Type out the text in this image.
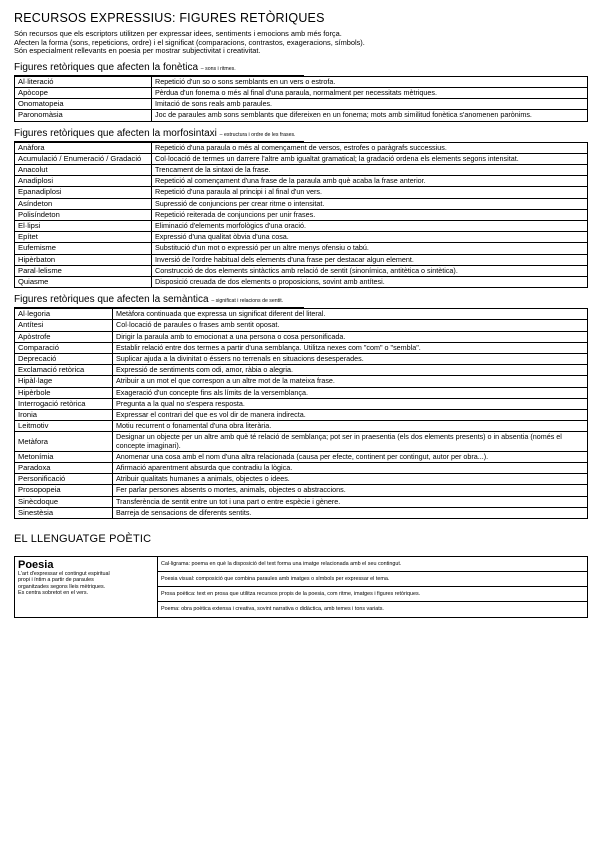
RECURSOS EXPRESSIUS: FIGURES RETÒRIQUES
Són recursos que els escriptors utilitzen per expressar idees, sentiments i emocions amb més força.
Afecten la forma (sons, repeticions, ordre) i el significat (comparacions, contrastos, exageracions, símbols).
Són especialment rellevants en poesia per mostrar subjectivitat i creativitat.
Figures retòriques que afecten la fonètica – sons i ritmes.
Al·literació	Repetició d'un so o sons semblants en un vers o estrofa.
Apòcope	Pèrdua d'un fonema o més al final d'una paraula, normalment per necessitats mètriques.
Onomatopeia	Imitació de sons reals amb paraules.
Paronomàsia	Joc de paraules amb sons semblants que difereixen en un fonema; mots amb similitud fonètica s'anomenen parònims.
Figures retòriques que afecten la morfosintaxi – estructura i ordre de les frases.
Anàfora	Repetició d'una paraula o més al començament de versos, estrofes o paràgrafs successius.
Acumulació / Enumeració / Gradació	Col·locació de termes un darrere l'altre amb igualtat gramatical; la gradació ordena els elements segons intensitat.
Anacolut	Trencament de la sintaxi de la frase.
Anadiplosi	Repetició al començament d'una frase de la paraula amb què acaba la frase anterior.
Epanadiplosi	Repetició d'una paraula al principi i al final d'un vers.
Asíndeton	Supressió de conjuncions per crear ritme o intensitat.
Polisíndeton	Repetició reiterada de conjuncions per unir frases.
El·lipsi	Eliminació d'elements morfològics d'una oració.
Epítet	Expressió d'una qualitat òbvia d'una cosa.
Eufemisme	Substitució d'un mot o expressió per un altre menys ofensiu o tabú.
Hipèrbaton	Inversió de l'ordre habitual dels elements d'una frase per destacar algun element.
Paral·lelisme	Construcció de dos elements sintàctics amb relació de sentit (sinonímica, antitètica o sintètica).
Quiasme	Disposició creuada de dos elements o proposicions, sovint amb antítesi.
Figures retòriques que afecten la semàntica – significat i relacions de sentit.
Al·legoria	Metàfora continuada que expressa un significat diferent del literal.
Antítesi	Col·locació de paraules o frases amb sentit oposat.
Apòstrofe	Dirigir la paraula amb to emocionat a una persona o cosa personificada.
Comparació	Establir relació entre dos termes a partir d'una semblança. Utilitza nexes com "com" o "sembla".
Deprecació	Suplicar ajuda a la divinitat o éssers no terrenals en situacions desesperades.
Exclamació retòrica	Expressió de sentiments com odi, amor, ràbia o alegria.
Hipàl·lage	Atribuir a un mot el que correspon a un altre mot de la mateixa frase.
Hipèrbole	Exageració d'un concepte fins als límits de la versemblança.
Interrogació retòrica	Pregunta a la qual no s'espera resposta.
Ironia	Expressar el contrari del que es vol dir de manera indirecta.
Leitmotiv	Motiu recurrent o fonamental d'una obra literària.
Metàfora	Designar un objecte per un altre amb què té relació de semblança; pot ser in praesentia (els dos elements presents) o in absentia (només el concepte imaginari).
Metonímia	Anomenar una cosa amb el nom d'una altra relacionada (causa per efecte, continent per contingut, autor per obra...).
Paradoxa	Afirmació aparentment absurda que contradiu la lògica.
Personificació	Atribuir qualitats humanes a animals, objectes o idees.
Prosopopeia	Fer parlar persones absents o mortes, animals, objectes o abstraccions.
Sinècdoque	Transferència de sentit entre un tot i una part o entre espècie i gènere.
Sinestèsia	Barreja de sensacions de diferents sentits.
EL LLENGUATGE POÈTIC
Poesia
L'art d'expressar el contingut espiritual
propi i íntim a partir de paraules
organitzades segons lleis mètriques.
Es centra sobretot en el vers.
Cal·ligrama: poema en què la disposició del text forma una imatge relacionada amb el seu contingut.
Poesia visual: composició que combina paraules amb imatges o símbols per expressar el tema.
Prosa poètica: text en prosa que utilitza recursos propis de la poesia, com ritme, imatges i figures retòriques.
Poema: obra poètica extensa i creativa, sovint narrativa o didàctica, amb temes i tons variats.
